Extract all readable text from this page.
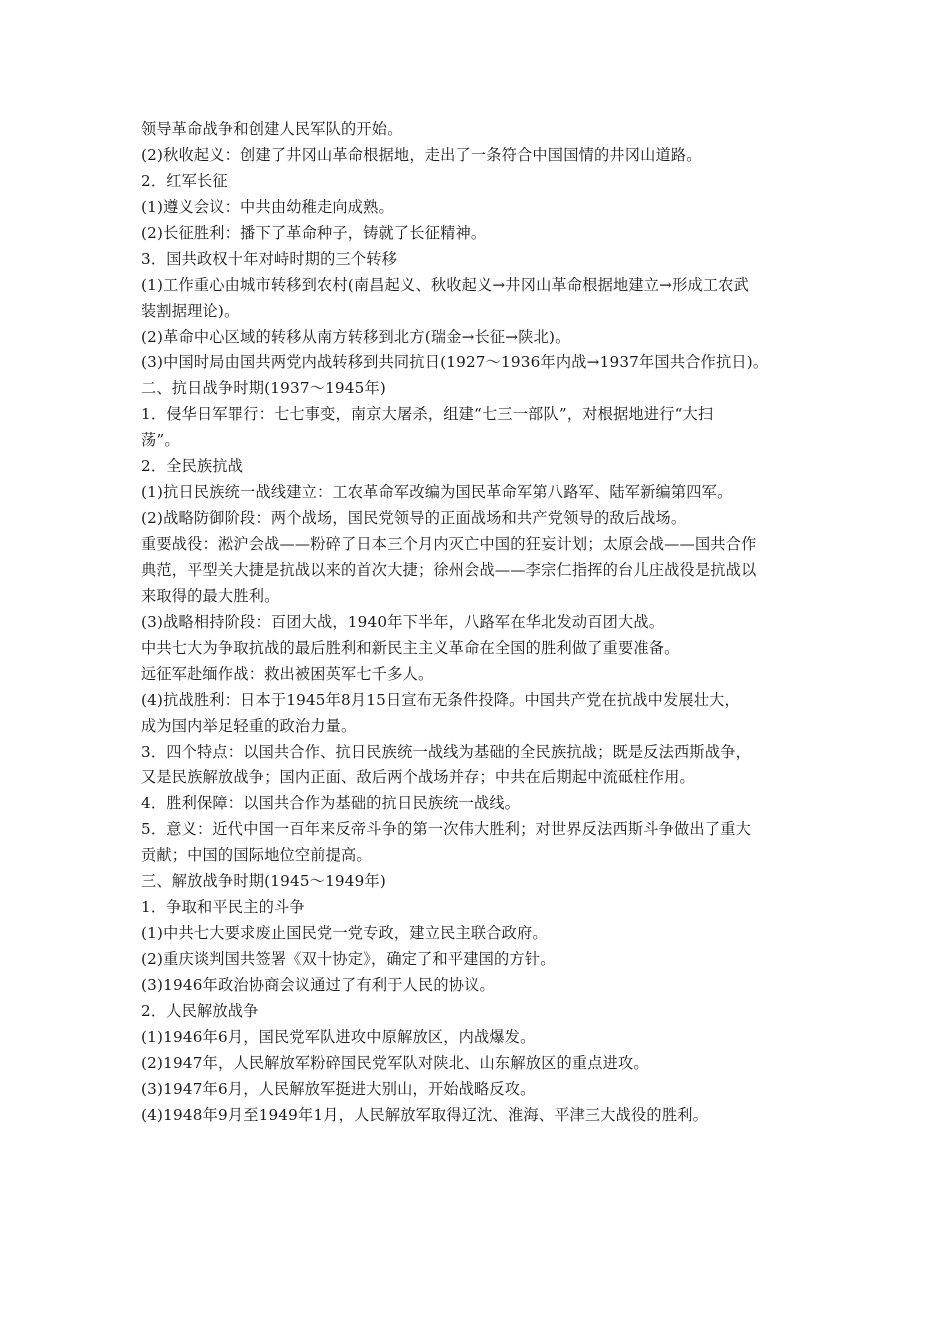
领导革命战争和创建人民军队的开始。
(2)秋收起义：创建了井冈山革命根据地，走出了一条符合中国国情的井冈山道路。
2．红军长征
(1)遵义会议：中共由幼稚走向成熟。
(2)长征胜利：播下了革命种子，铸就了长征精神。
3．国共政权十年对峙时期的三个转移
(1)工作重心由城市转移到农村(南昌起义、秋收起义→井冈山革命根据地建立→形成工农武
装割据理论)。
(2)革命中心区域的转移从南方转移到北方(瑞金→长征→陕北)。
(3)中国时局由国共两党内战转移到共同抗日(1927～1936年内战→1937年国共合作抗日)。
二、抗日战争时期(1937～1945年)
1．侵华日军罪行：七七事变，南京大屠杀，组建“七三一部队”，对根据地进行“大扫
荡”。
2．全民族抗战
(1)抗日民族统一战线建立：工农革命军改编为国民革命军第八路军、陆军新编第四军。
(2)战略防御阶段：两个战场，国民党领导的正面战场和共产党领导的敌后战场。
重要战役：淞沪会战——粉碎了日本三个月内灭亡中国的狂妄计划；太原会战——国共合作
典范，平型关大捷是抗战以来的首次大捷；徐州会战——李宗仁指挥的台儿庄战役是抗战以
来取得的最大胜利。
(3)战略相持阶段：百团大战，1940年下半年，八路军在华北发动百团大战。
中共七大为争取抗战的最后胜利和新民主主义革命在全国的胜利做了重要准备。
远征军赴缅作战：救出被困英军七千多人。
(4)抗战胜利：日本于1945年8月15日宣布无条件投降。中国共产党在抗战中发展壮大，
成为国内举足轻重的政治力量。
3．四个特点：以国共合作、抗日民族统一战线为基础的全民族抗战；既是反法西斯战争，
又是民族解放战争；国内正面、敌后两个战场并存；中共在后期起中流砥柱作用。
4．胜利保障：以国共合作为基础的抗日民族统一战线。
5．意义：近代中国一百年来反帝斗争的第一次伟大胜利；对世界反法西斯斗争做出了重大
贡献；中国的国际地位空前提高。
三、解放战争时期(1945～1949年)
1．争取和平民主的斗争
(1)中共七大要求废止国民党一党专政，建立民主联合政府。
(2)重庆谈判国共签署《双十协定》，确定了和平建国的方针。
(3)1946年政治协商会议通过了有利于人民的协议。
2．人民解放战争
(1)1946年6月，国民党军队进攻中原解放区，内战爆发。
(2)1947年，人民解放军粉碎国民党军队对陕北、山东解放区的重点进攻。
(3)1947年6月，人民解放军挺进大别山，开始战略反攻。
(4)1948年9月至1949年1月，人民解放军取得辽沈、淮海、平津三大战役的胜利。
